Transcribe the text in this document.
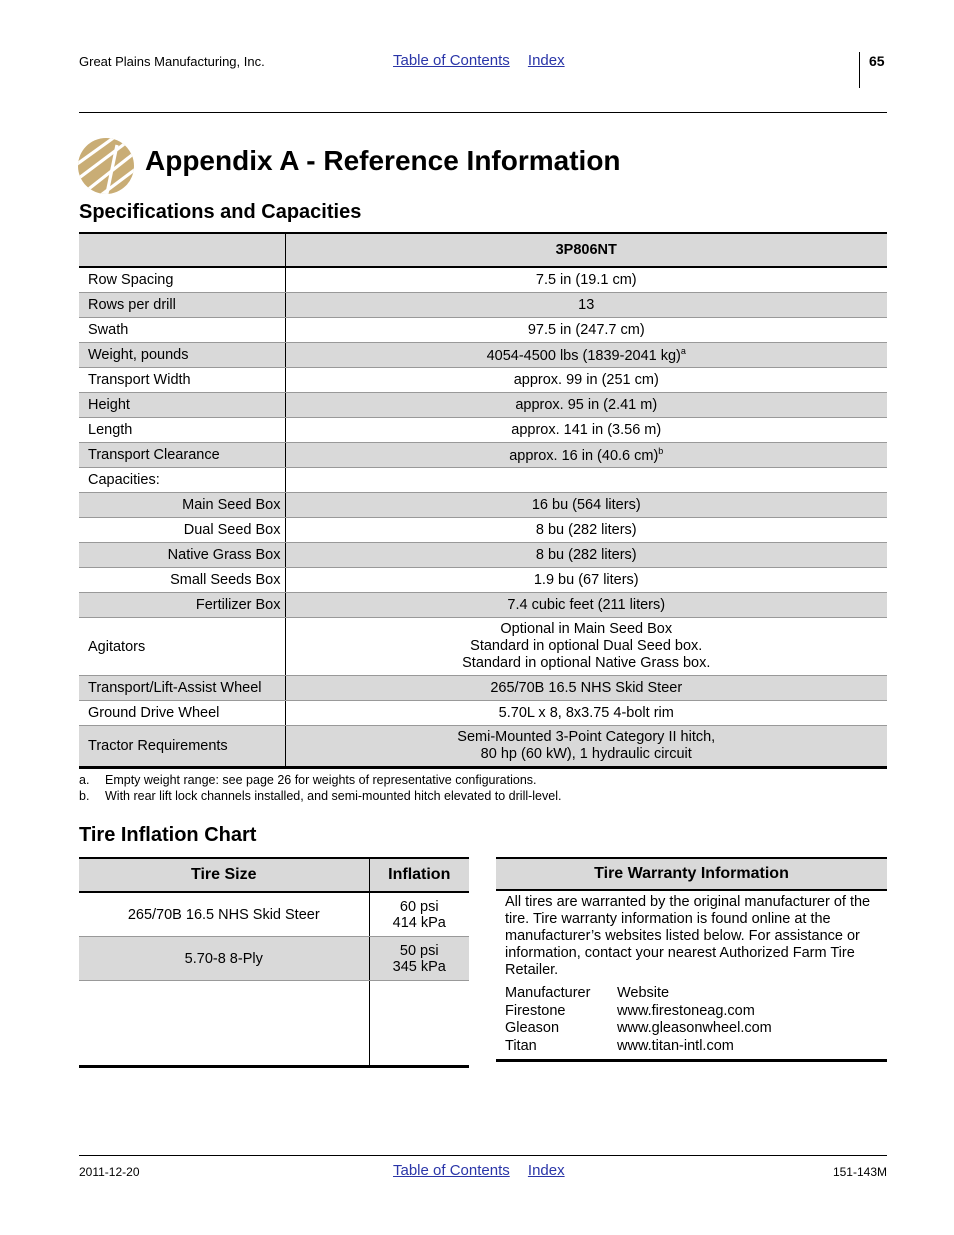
Great Plains Manufacturing, Inc.	Table of Contents Index	65
Appendix A - Reference Information
Specifications and Capacities
	3P806NT
Row Spacing	7.5 in (19.1 cm)
Rows per drill	13
Swath	97.5 in (247.7 cm)
Weight, pounds	4054-4500 lbs (1839-2041 kg)$^a$
Transport Width	approx. 99 in (251 cm)
Height	approx. 95 in (2.41 m)
Length	approx. 141 in (3.56 m)
Transport Clearance	approx. 16 in (40.6 cm)$^b$
Capacities:	
Main Seed Box	16 bu (564 liters)
Dual Seed Box	8 bu (282 liters)
Native Grass Box	8 bu (282 liters)
Small Seeds Box	1.9 bu (67 liters)
Fertilizer Box	7.4 cubic feet (211 liters)
Agitators	Optional in Main Seed Box
Standard in optional Dual Seed box.
Standard in optional Native Grass box.

Transport/Lift-Assist Wheel	265/70B 16.5 NHS Skid Steer
Ground Drive Wheel	5.70L x 8, 8x3.75 4-bolt rim
Tractor Requirements	Semi-Mounted 3-Point Category II hitch,
80 hp (60 kW), 1 hydraulic circuit
a. Empty weight range: see page 26 for weights of representative configurations.
b. With rear lift lock channels installed, and semi-mounted hitch elevated to drill-level.
Tire Inflation Chart
Tire Size	Inflation
265/70B 16.5 NHS Skid Steer	60 psi
414 kPa

5.70-8 8-Ply	50 psi
345 kPa

Tire Warranty Information
All tires are warranted by the original manufacturer of the tire. Tire warranty information is found online at the manufacturer’s websites listed below. For assistance or information, contact your nearest Authorized Farm Tire Retailer.
Manufacturer	Website
Firestone	www.firestoneag.com
Gleason	www.gleasonwheel.com
Titan	www.titan-intl.com
2011-12-20	Table of Contents Index	151-143M
